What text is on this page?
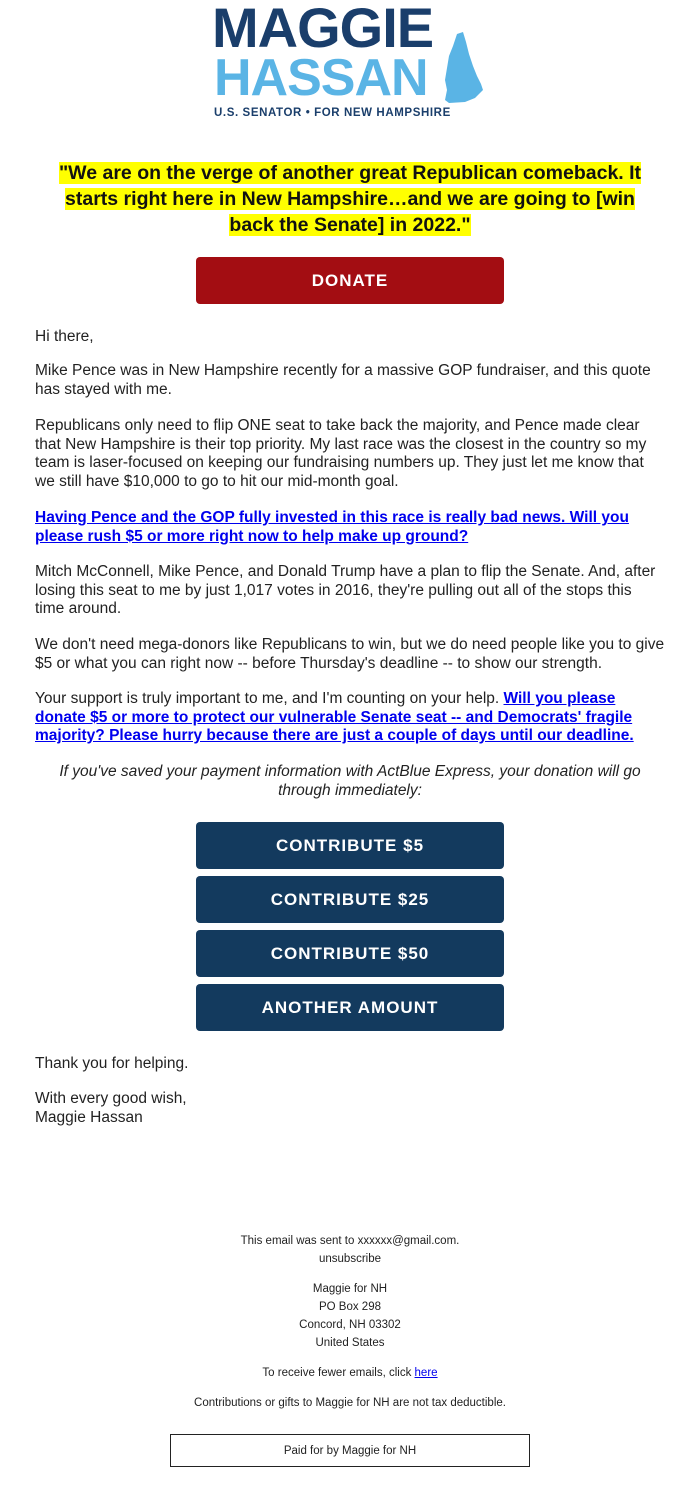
MAGGIE
HASSAN
U.S. SENATOR • FOR NEW HAMPSHIRE
"We are on the verge of another great Republican comeback. It starts right here in New Hampshire…and we are going to [win back the Senate] in 2022."
DONATE
Hi there,
Mike Pence was in New Hampshire recently for a massive GOP fundraiser, and this quote has stayed with me.
Republicans only need to flip ONE seat to take back the majority, and Pence made clear that New Hampshire is their top priority. My last race was the closest in the country so my team is laser-focused on keeping our fundraising numbers up. They just let me know that we still have $10,000 to go to hit our mid-month goal.
Having Pence and the GOP fully invested in this race is really bad news. Will you please rush $5 or more right now to help make up ground?
Mitch McConnell, Mike Pence, and Donald Trump have a plan to flip the Senate. And, after losing this seat to me by just 1,017 votes in 2016, they're pulling out all of the stops this time around.
We don't need mega-donors like Republicans to win, but we do need people like you to give $5 or what you can right now -- before Thursday's deadline -- to show our strength.
Your support is truly important to me, and I'm counting on your help. Will you please donate $5 or more to protect our vulnerable Senate seat -- and Democrats' fragile majority? Please hurry because there are just a couple of days until our deadline.
If you've saved your payment information with ActBlue Express, your donation will go through immediately:
CONTRIBUTE $5
CONTRIBUTE $25
CONTRIBUTE $50
ANOTHER AMOUNT
Thank you for helping.
With every good wish,
Maggie Hassan
This email was sent to xxxxxx@gmail.com.
unsubscribe
Maggie for NH
PO Box 298
Concord, NH 03302
United States
To receive fewer emails, click here
Contributions or gifts to Maggie for NH are not tax deductible.
Paid for by Maggie for NH
